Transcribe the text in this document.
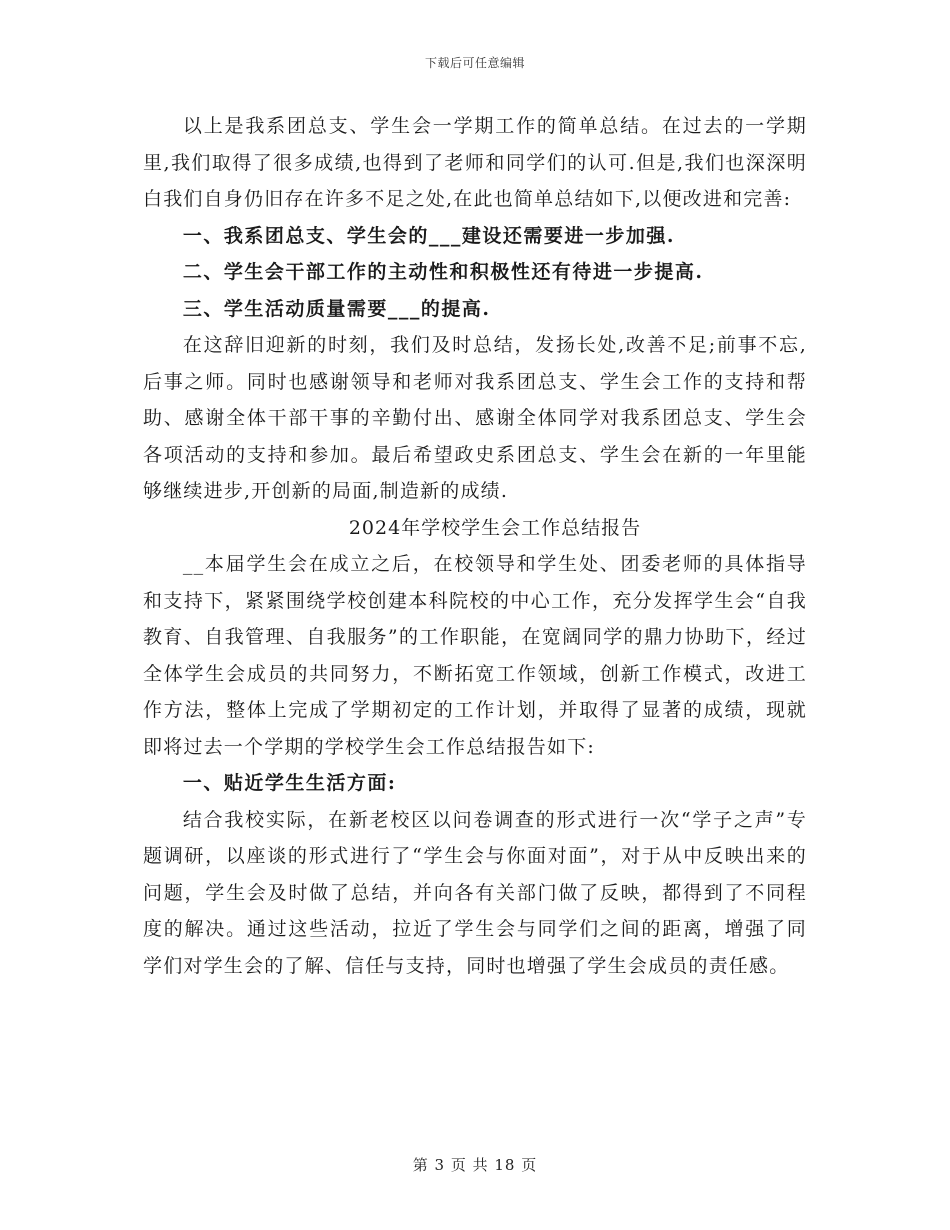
下载后可任意编辑

以上是我系团总支、学生会一学期工作的简单总结。在过去的一学期里,我们取得了很多成绩,也得到了老师和同学们的认可.但是,我们也深深明白我们自身仍旧存在许多不足之处,在此也简单总结如下,以便改进和完善:

一、我系团总支、学生会的___建设还需要进一步加强.

二、学生会干部工作的主动性和积极性还有待进一步提高.

三、学生活动质量需要___的提高.

在这辞旧迎新的时刻，我们及时总结，发扬长处,改善不足;前事不忘,后事之师。同时也感谢领导和老师对我系团总支、学生会工作的支持和帮助、感谢全体干部干事的辛勤付出、感谢全体同学对我系团总支、学生会各项活动的支持和参加。最后希望政史系团总支、学生会在新的一年里能够继续进步,开创新的局面,制造新的成绩.

2024年学校学生会工作总结报告

__本届学生会在成立之后，在校领导和学生处、团委老师的具体指导和支持下，紧紧围绕学校创建本科院校的中心工作，充分发挥学生会“自我教育、自我管理、自我服务”的工作职能，在宽阔同学的鼎力协助下，经过全体学生会成员的共同努力，不断拓宽工作领域，创新工作模式，改进工作方法，整体上完成了学期初定的工作计划，并取得了显著的成绩，现就即将过去一个学期的学校学生会工作总结报告如下:

一、贴近学生生活方面:

结合我校实际，在新老校区以问卷调查的形式进行一次“学子之声”专题调研，以座谈的形式进行了“学生会与你面对面”，对于从中反映出来的问题，学生会及时做了总结，并向各有关部门做了反映，都得到了不同程度的解决。通过这些活动，拉近了学生会与同学们之间的距离，增强了同学们对学生会的了解、信任与支持，同时也增强了学生会成员的责任感。

第 3 页 共 18 页
